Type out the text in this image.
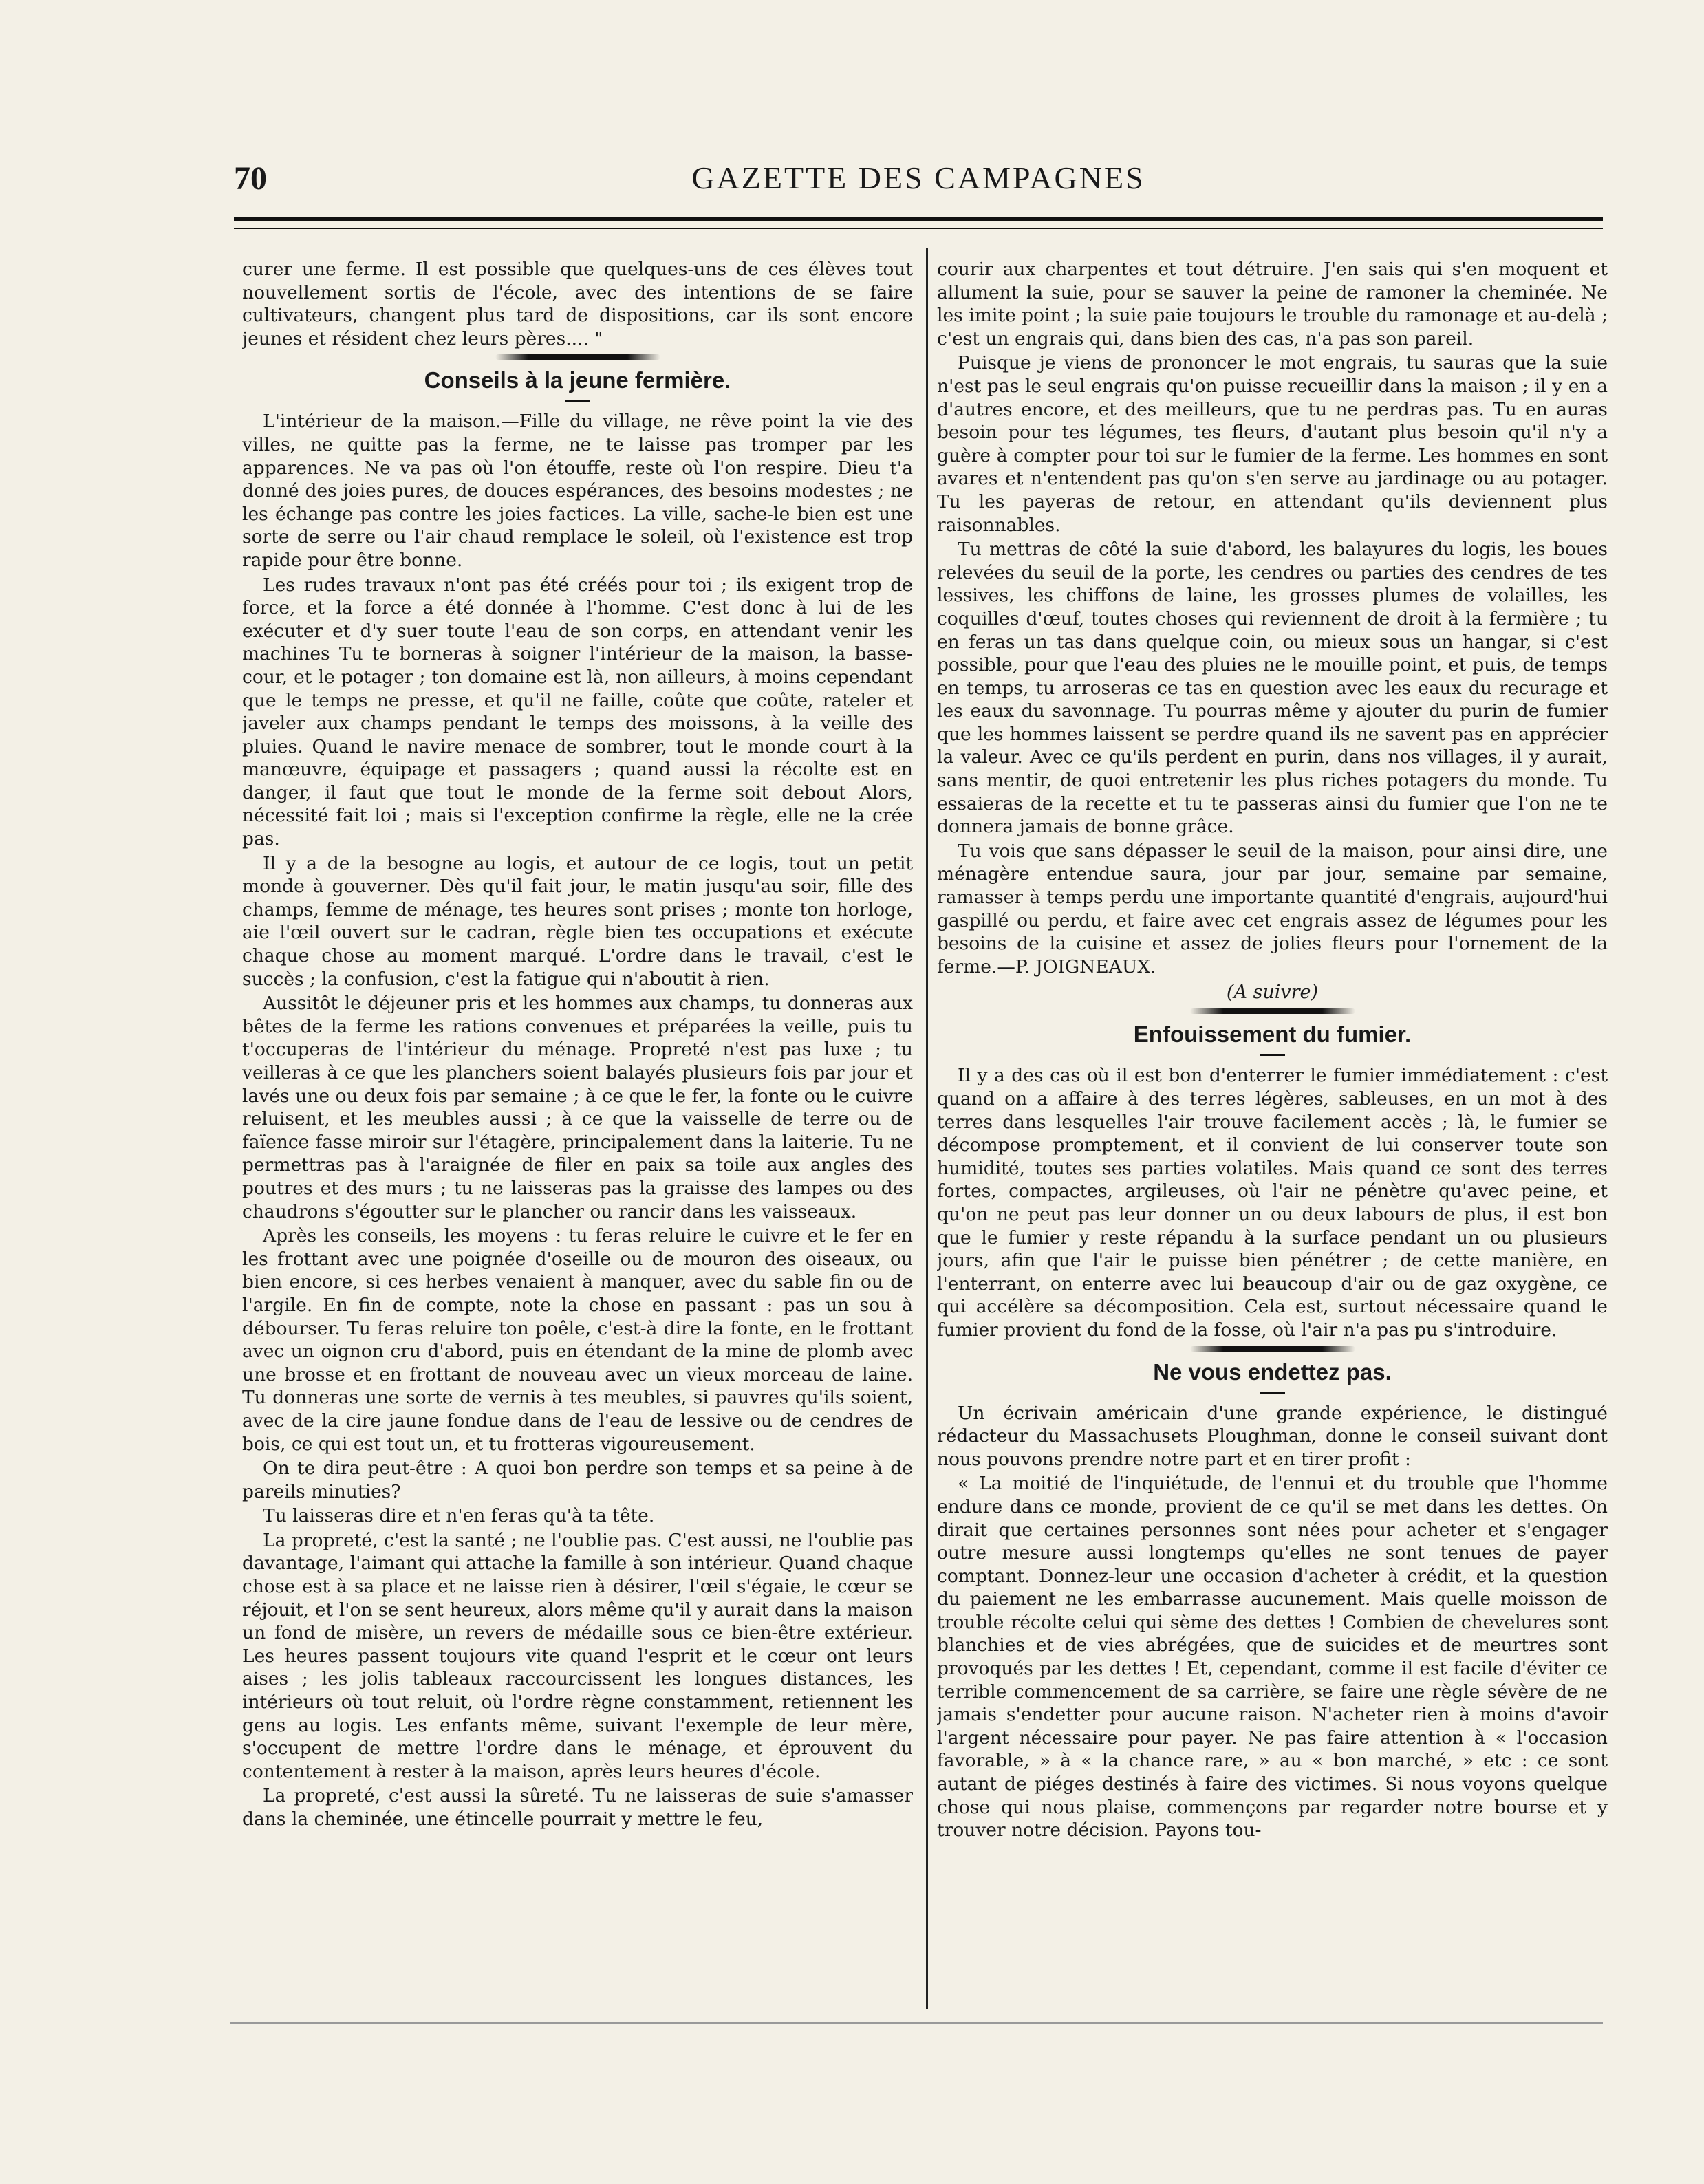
70	GAZETTE DES CAMPAGNES

curer une ferme. Il est possible que quelques-uns de ces élèves tout nouvellement sortis de l'école, avec des intentions de se faire cultivateurs, changent plus tard de dispositions, car ils sont encore jeunes et résident chez leurs pères.... "

Conseils à la jeune fermière.

L'intérieur de la maison.—Fille du village, ne rêve point la vie des villes, ne quitte pas la ferme, ne te laisse pas tromper par les apparences. Ne va pas où l'on étouffe, reste où l'on respire. Dieu t'a donné des joies pures, de douces espérances, des besoins modestes ; ne les échange pas contre les joies factices. La ville, sache-le bien est une sorte de serre ou l'air chaud remplace le soleil, où l'existence est trop rapide pour être bonne.

Les rudes travaux n'ont pas été créés pour toi ; ils exigent trop de force, et la force a été donnée à l'homme. C'est donc à lui de les exécuter et d'y suer toute l'eau de son corps, en attendant venir les machines Tu te borneras à soigner l'intérieur de la maison, la basse-cour, et le potager ; ton domaine est là, non ailleurs, à moins cependant que le temps ne presse, et qu'il ne faille, coûte que coûte, rateler et javeler aux champs pendant le temps des moissons, à la veille des pluies. Quand le navire menace de sombrer, tout le monde court à la manœuvre, équipage et passagers ; quand aussi la récolte est en danger, il faut que tout le monde de la ferme soit debout Alors, nécessité fait loi ; mais si l'exception confirme la règle, elle ne la crée pas.

Il y a de la besogne au logis, et autour de ce logis, tout un petit monde à gouverner. Dès qu'il fait jour, le matin jusqu'au soir, fille des champs, femme de ménage, tes heures sont prises ; monte ton horloge, aie l'œil ouvert sur le cadran, règle bien tes occupations et exécute chaque chose au moment marqué. L'ordre dans le travail, c'est le succès ; la confusion, c'est la fatigue qui n'aboutit à rien.

Aussitôt le déjeuner pris et les hommes aux champs, tu donneras aux bêtes de la ferme les rations convenues et préparées la veille, puis tu t'occuperas de l'intérieur du ménage. Propreté n'est pas luxe ; tu veilleras à ce que les planchers soient balayés plusieurs fois par jour et lavés une ou deux fois par semaine ; à ce que le fer, la fonte ou le cuivre reluisent, et les meubles aussi ; à ce que la vaisselle de terre ou de faïence fasse miroir sur l'étagère, principalement dans la laiterie. Tu ne permettras pas à l'araignée de filer en paix sa toile aux angles des poutres et des murs ; tu ne laisseras pas la graisse des lampes ou des chaudrons s'égoutter sur le plancher ou rancir dans les vaisseaux.

Après les conseils, les moyens : tu feras reluire le cuivre et le fer en les frottant avec une poignée d'oseille ou de mouron des oiseaux, ou bien encore, si ces herbes venaient à manquer, avec du sable fin ou de l'argile. En fin de compte, note la chose en passant : pas un sou à débourser. Tu feras reluire ton poêle, c'est-à dire la fonte, en le frottant avec un oignon cru d'abord, puis en étendant de la mine de plomb avec une brosse et en frottant de nouveau avec un vieux morceau de laine. Tu donneras une sorte de vernis à tes meubles, si pauvres qu'ils soient, avec de la cire jaune fondue dans de l'eau de lessive ou de cendres de bois, ce qui est tout un, et tu frotteras vigoureusement.

On te dira peut-être : A quoi bon perdre son temps et sa peine à de pareils minuties?

Tu laisseras dire et n'en feras qu'à ta tête.

La propreté, c'est la santé ; ne l'oublie pas. C'est aussi, ne l'oublie pas davantage, l'aimant qui attache la famille à son intérieur. Quand chaque chose est à sa place et ne laisse rien à désirer, l'œil s'égaie, le cœur se réjouit, et l'on se sent heureux, alors même qu'il y aurait dans la maison un fond de misère, un revers de médaille sous ce bien-être extérieur. Les heures passent toujours vite quand l'esprit et le cœur ont leurs aises ; les jolis tableaux raccourcissent les longues distances, les intérieurs où tout reluit, où l'ordre règne constamment, retiennent les gens au logis. Les enfants même, suivant l'exemple de leur mère, s'occupent de mettre l'ordre dans le ménage, et éprouvent du contentement à rester à la maison, après leurs heures d'école.

La propreté, c'est aussi la sûreté. Tu ne laisseras de suie s'amasser dans la cheminée, une étincelle pourrait y mettre le feu,

courir aux charpentes et tout détruire. J'en sais qui s'en moquent et allument la suie, pour se sauver la peine de ramoner la cheminée. Ne les imite point ; la suie paie toujours le trouble du ramonage et au-delà ; c'est un engrais qui, dans bien des cas, n'a pas son pareil.

Puisque je viens de prononcer le mot engrais, tu sauras que la suie n'est pas le seul engrais qu'on puisse recueillir dans la maison ; il y en a d'autres encore, et des meilleurs, que tu ne perdras pas. Tu en auras besoin pour tes légumes, tes fleurs, d'autant plus besoin qu'il n'y a guère à compter pour toi sur le fumier de la ferme. Les hommes en sont avares et n'entendent pas qu'on s'en serve au jardinage ou au potager. Tu les payeras de retour, en attendant qu'ils deviennent plus raisonnables.

Tu mettras de côté la suie d'abord, les balayures du logis, les boues relevées du seuil de la porte, les cendres ou parties des cendres de tes lessives, les chiffons de laine, les grosses plumes de volailles, les coquilles d'œuf, toutes choses qui reviennent de droit à la fermière ; tu en feras un tas dans quelque coin, ou mieux sous un hangar, si c'est possible, pour que l'eau des pluies ne le mouille point, et puis, de temps en temps, tu arroseras ce tas en question avec les eaux du recurage et les eaux du savonnage. Tu pourras même y ajouter du purin de fumier que les hommes laissent se perdre quand ils ne savent pas en apprécier la valeur. Avec ce qu'ils perdent en purin, dans nos villages, il y aurait, sans mentir, de quoi entretenir les plus riches potagers du monde. Tu essaieras de la recette et tu te passeras ainsi du fumier que l'on ne te donnera jamais de bonne grâce.

Tu vois que sans dépasser le seuil de la maison, pour ainsi dire, une ménagère entendue saura, jour par jour, semaine par semaine, ramasser à temps perdu une importante quantité d'engrais, aujourd'hui gaspillé ou perdu, et faire avec cet engrais assez de légumes pour les besoins de la cuisine et assez de jolies fleurs pour l'ornement de la ferme.—P. JOIGNEAUX.

(A suivre)
Enfouissement du fumier.

Il y a des cas où il est bon d'enterrer le fumier immédiatement : c'est quand on a affaire à des terres légères, sableuses, en un mot à des terres dans lesquelles l'air trouve facilement accès ; là, le fumier se décompose promptement, et il convient de lui conserver toute son humidité, toutes ses parties volatiles. Mais quand ce sont des terres fortes, compactes, argileuses, où l'air ne pénètre qu'avec peine, et qu'on ne peut pas leur donner un ou deux labours de plus, il est bon que le fumier y reste répandu à la surface pendant un ou plusieurs jours, afin que l'air le puisse bien pénétrer ; de cette manière, en l'enterrant, on enterre avec lui beaucoup d'air ou de gaz oxygène, ce qui accélère sa décomposition. Cela est, surtout nécessaire quand le fumier provient du fond de la fosse, où l'air n'a pas pu s'introduire.

Ne vous endettez pas.

Un écrivain américain d'une grande expérience, le distingué rédacteur du Massachusets Ploughman, donne le conseil suivant dont nous pouvons prendre notre part et en tirer profit :

« La moitié de l'inquiétude, de l'ennui et du trouble que l'homme endure dans ce monde, provient de ce qu'il se met dans les dettes. On dirait que certaines personnes sont nées pour acheter et s'engager outre mesure aussi longtemps qu'elles ne sont tenues de payer comptant. Donnez-leur une occasion d'acheter à crédit, et la question du paiement ne les embarrasse aucunement. Mais quelle moisson de trouble récolte celui qui sème des dettes ! Combien de chevelures sont blanchies et de vies abrégées, que de suicides et de meurtres sont provoqués par les dettes ! Et, cependant, comme il est facile d'éviter ce terrible commencement de sa carrière, se faire une règle sévère de ne jamais s'endetter pour aucune raison. N'acheter rien à moins d'avoir l'argent nécessaire pour payer. Ne pas faire attention à « l'occasion favorable, » à « la chance rare, » au « bon marché, » etc : ce sont autant de piéges destinés à faire des victimes. Si nous voyons quelque chose qui nous plaise, commençons par regarder notre bourse et y trouver notre décision. Payons tou-
